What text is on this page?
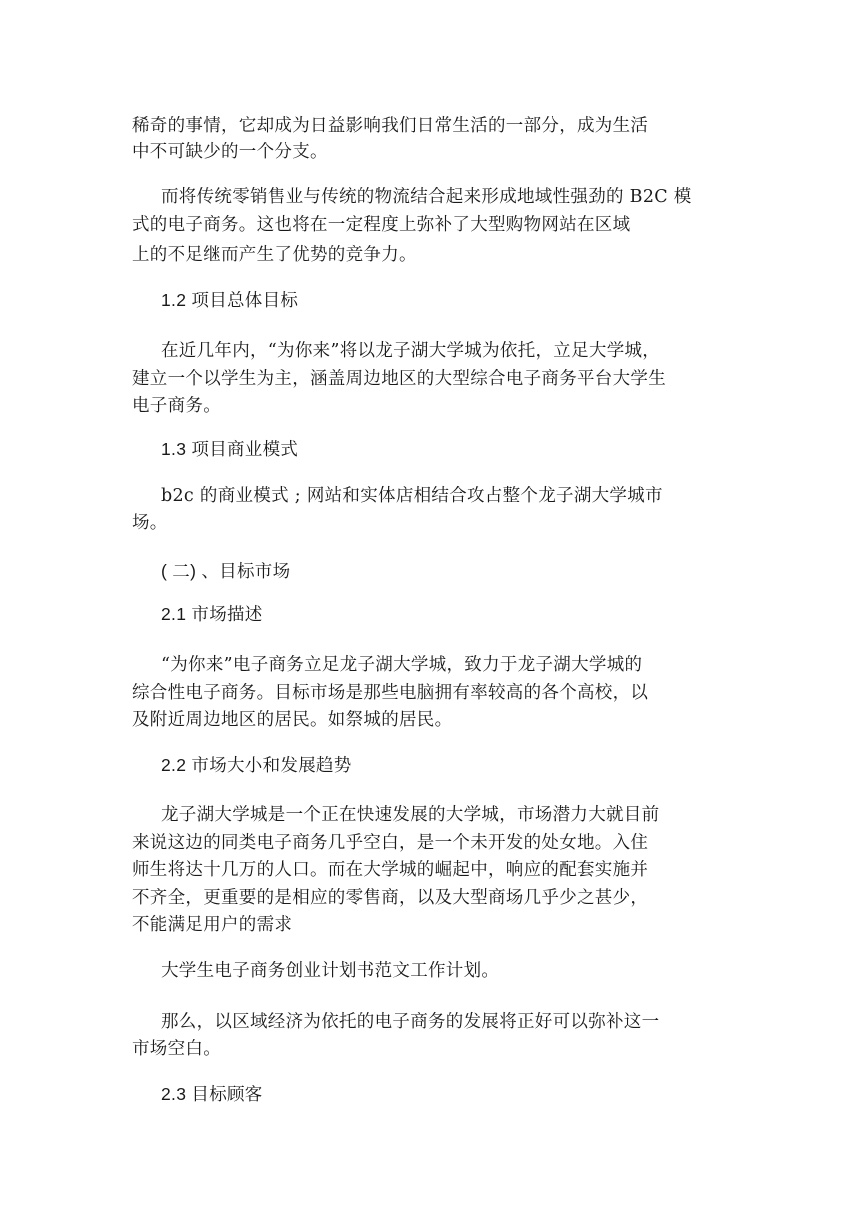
稀奇的事情，它却成为日益影响我们日常生活的一部分，成为生活
中不可缺少的一个分支。
而将传统零销售业与传统的物流结合起来形成地域性强劲的 B2C 模
式的电子商务。这也将在一定程度上弥补了大型购物网站在区域
上的不足继而产生了优势的竞争力。
1.2 项目总体目标
在近几年内，“为你来”将以龙子湖大学城为依托，立足大学城，
建立一个以学生为主，涵盖周边地区的大型综合电子商务平台大学生
电子商务。
1.3 项目商业模式
b2c 的商业模式 ; 网站和实体店相结合攻占整个龙子湖大学城市
场。
( 二) 、目标市场
2.1 市场描述
“为你来”电子商务立足龙子湖大学城，致力于龙子湖大学城的
综合性电子商务。目标市场是那些电脑拥有率较高的各个高校，以
及附近周边地区的居民。如祭城的居民。
2.2 市场大小和发展趋势
龙子湖大学城是一个正在快速发展的大学城，市场潜力大就目前
来说这边的同类电子商务几乎空白，是一个未开发的处女地。入住
师生将达十几万的人口。而在大学城的崛起中，响应的配套实施并
不齐全，更重要的是相应的零售商，以及大型商场几乎少之甚少，
不能满足用户的需求
大学生电子商务创业计划书范文工作计划。
那么，以区域经济为依托的电子商务的发展将正好可以弥补这一
市场空白。
2.3 目标顾客
